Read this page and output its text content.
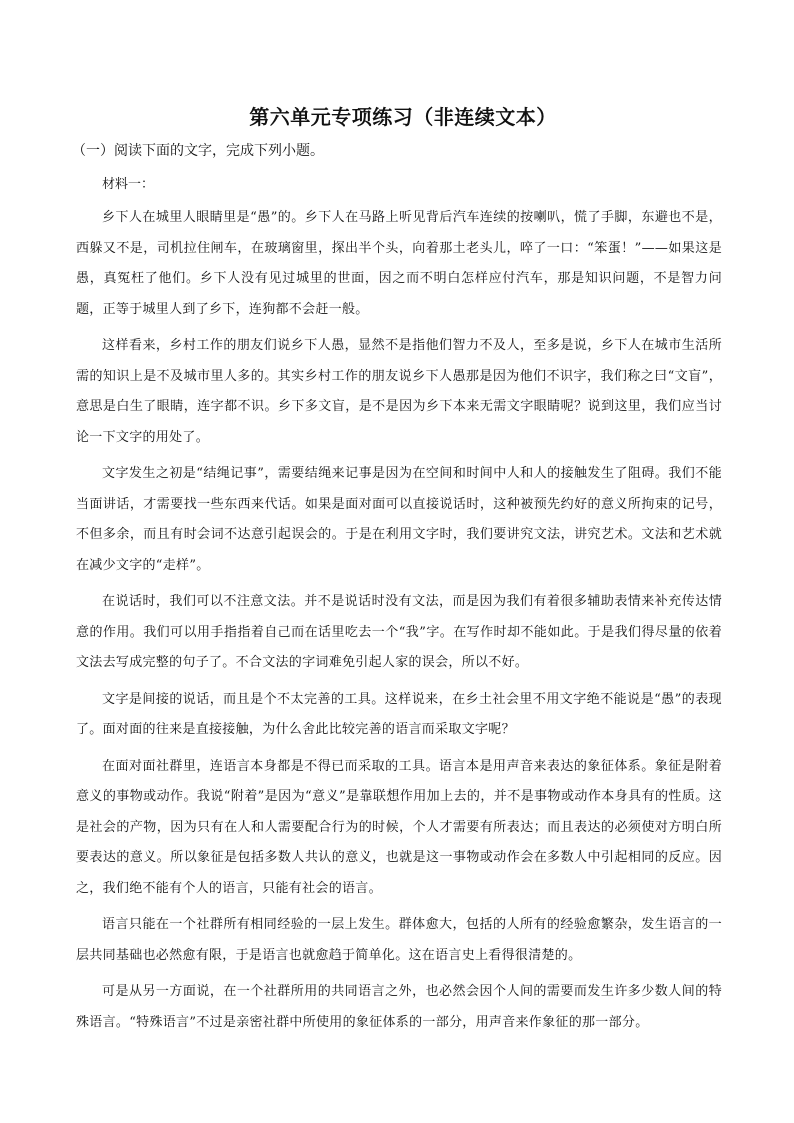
第六单元专项练习（非连续文本）
（一）阅读下面的文字，完成下列小题。
材料一：

乡下人在城里人眼睛里是“愚”的。乡下人在马路上听见背后汽车连续的按喇叭，慌了手脚，东避也不是，西躲又不是，司机拉住闸车，在玻璃窗里，探出半个头，向着那土老头儿，啐了一口：“笨蛋！”——如果这是愚，真冤枉了他们。乡下人没有见过城里的世面，因之而不明白怎样应付汽车，那是知识问题，不是智力问题，正等于城里人到了乡下，连狗都不会赶一般。

这样看来，乡村工作的朋友们说乡下人愚，显然不是指他们智力不及人，至多是说，乡下人在城市生活所需的知识上是不及城市里人多的。其实乡村工作的朋友说乡下人愚那是因为他们不识字，我们称之曰“文盲”，意思是白生了眼睛，连字都不识。乡下多文盲，是不是因为乡下本来无需文字眼睛呢？说到这里，我们应当讨论一下文字的用处了。

文字发生之初是“结绳记事”，需要结绳来记事是因为在空间和时间中人和人的接触发生了阻碍。我们不能当面讲话，才需要找一些东西来代话。如果是面对面可以直接说话时，这种被预先约好的意义所拘束的记号，不但多余，而且有时会词不达意引起误会的。于是在利用文字时，我们要讲究文法，讲究艺术。文法和艺术就在减少文字的“走样”。

在说话时，我们可以不注意文法。并不是说话时没有文法，而是因为我们有着很多辅助表情来补充传达情意的作用。我们可以用手指指着自己而在话里吃去一个“我”字。在写作时却不能如此。于是我们得尽量的依着文法去写成完整的句子了。不合文法的字词难免引起人家的误会，所以不好。

文字是间接的说话，而且是个不太完善的工具。这样说来，在乡土社会里不用文字绝不能说是“愚”的表现了。面对面的往来是直接接触，为什么舍此比较完善的语言而采取文字呢？

在面对面社群里，连语言本身都是不得已而采取的工具。语言本是用声音来表达的象征体系。象征是附着意义的事物或动作。我说“附着”是因为“意义”是靠联想作用加上去的，并不是事物或动作本身具有的性质。这是社会的产物，因为只有在人和人需要配合行为的时候，个人才需要有所表达；而且表达的必须使对方明白所要表达的意义。所以象征是包括多数人共认的意义，也就是这一事物或动作会在多数人中引起相同的反应。因之，我们绝不能有个人的语言，只能有社会的语言。

语言只能在一个社群所有相同经验的一层上发生。群体愈大，包括的人所有的经验愈繁杂，发生语言的一层共同基础也必然愈有限，于是语言也就愈趋于简单化。这在语言史上看得很清楚的。

可是从另一方面说，在一个社群所用的共同语言之外，也必然会因个人间的需要而发生许多少数人间的特殊语言。“特殊语言”不过是亲密社群中所使用的象征体系的一部分，用声音来作象征的那一部分。
